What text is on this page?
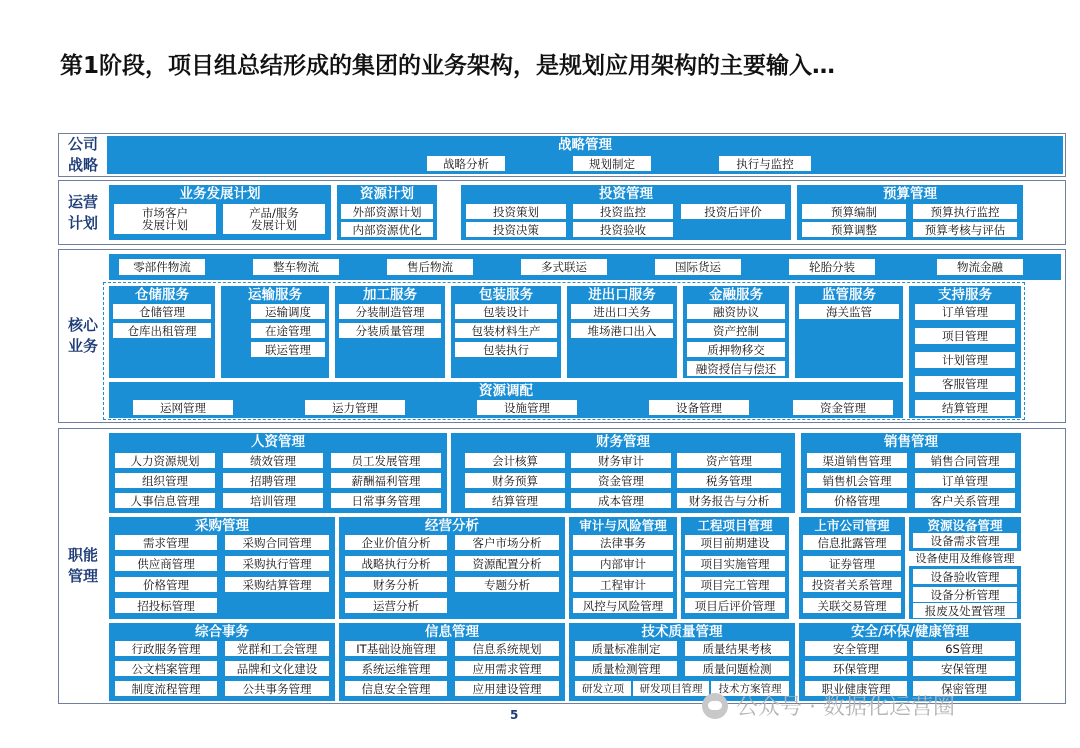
第1阶段，项目组总结形成的集团的业务架构，是规划应用架构的主要输入…
公司
战略
战略管理
战略分析	规划制定	执行与监控
运营
计划
业务发展计划
市场客户
发展计划
产品/服务
发展计划
资源计划
外部资源计划
内部资源优化
投资管理
投资策划	投资监控	投资后评价
投资决策	投资验收
预算管理
预算编制	预算执行监控
预算调整	预算考核与评估
核心
业务
零部件物流	整车物流	售后物流	多式联运	国际货运	轮胎分装	物流金融
仓储服务
仓储管理
仓库出租管理
运输服务
运输调度
在途管理
联运管理
加工服务
分装制造管理
分装质量管理
包装服务
包装设计
包装材料生产
包装执行
进出口服务
进出口关务
堆场港口出入
金融服务
融资协议
资产控制
质押物移交
融资授信与偿还
监管服务
海关监管
支持服务
订单管理
项目管理
计划管理
客服管理
结算管理
资源调配
运网管理	运力管理	设施管理	设备管理	资金管理
职能
管理
人资管理
人力资源规划	绩效管理	员工发展管理
组织管理	招聘管理	薪酬福利管理
人事信息管理	培训管理	日常事务管理
财务管理
会计核算	财务审计	资产管理
财务预算	资金管理	税务管理
结算管理	成本管理	财务报告与分析
销售管理
渠道销售管理	销售合同管理
销售机会管理	订单管理
价格管理	客户关系管理
采购管理
需求管理	采购合同管理
供应商管理	采购执行管理
价格管理	采购结算管理
招投标管理
经营分析
企业价值分析	客户市场分析
战略执行分析	资源配置分析
财务分析	专题分析
运营分析
审计与风险管理
法律事务
内部审计
工程审计
风控与风险管理
工程项目管理
项目前期建设
项目实施管理
项目完工管理
项目后评价管理
上市公司管理
信息批露管理
证券管理
投资者关系管理
关联交易管理
资源设备管理
设备需求管理
设备使用及维修管理
设备验收管理
设备分析管理
报废及处置管理
综合事务
行政服务管理	党群和工会管理
公文档案管理	品牌和文化建设
制度流程管理	公共事务管理
信息管理
IT基础设施管理	信息系统规划
系统运维管理	应用需求管理
信息安全管理	应用建设管理
技术质量管理
质量标准制定	质量结果考核
质量检测管理	质量问题检测
研发立项	研发项目管理	技术方案管理
安全/环保/健康管理
安全管理	6S管理
环保管理	安保管理
职业健康管理	保密管理
5	公众号 · 数据化运营圈
